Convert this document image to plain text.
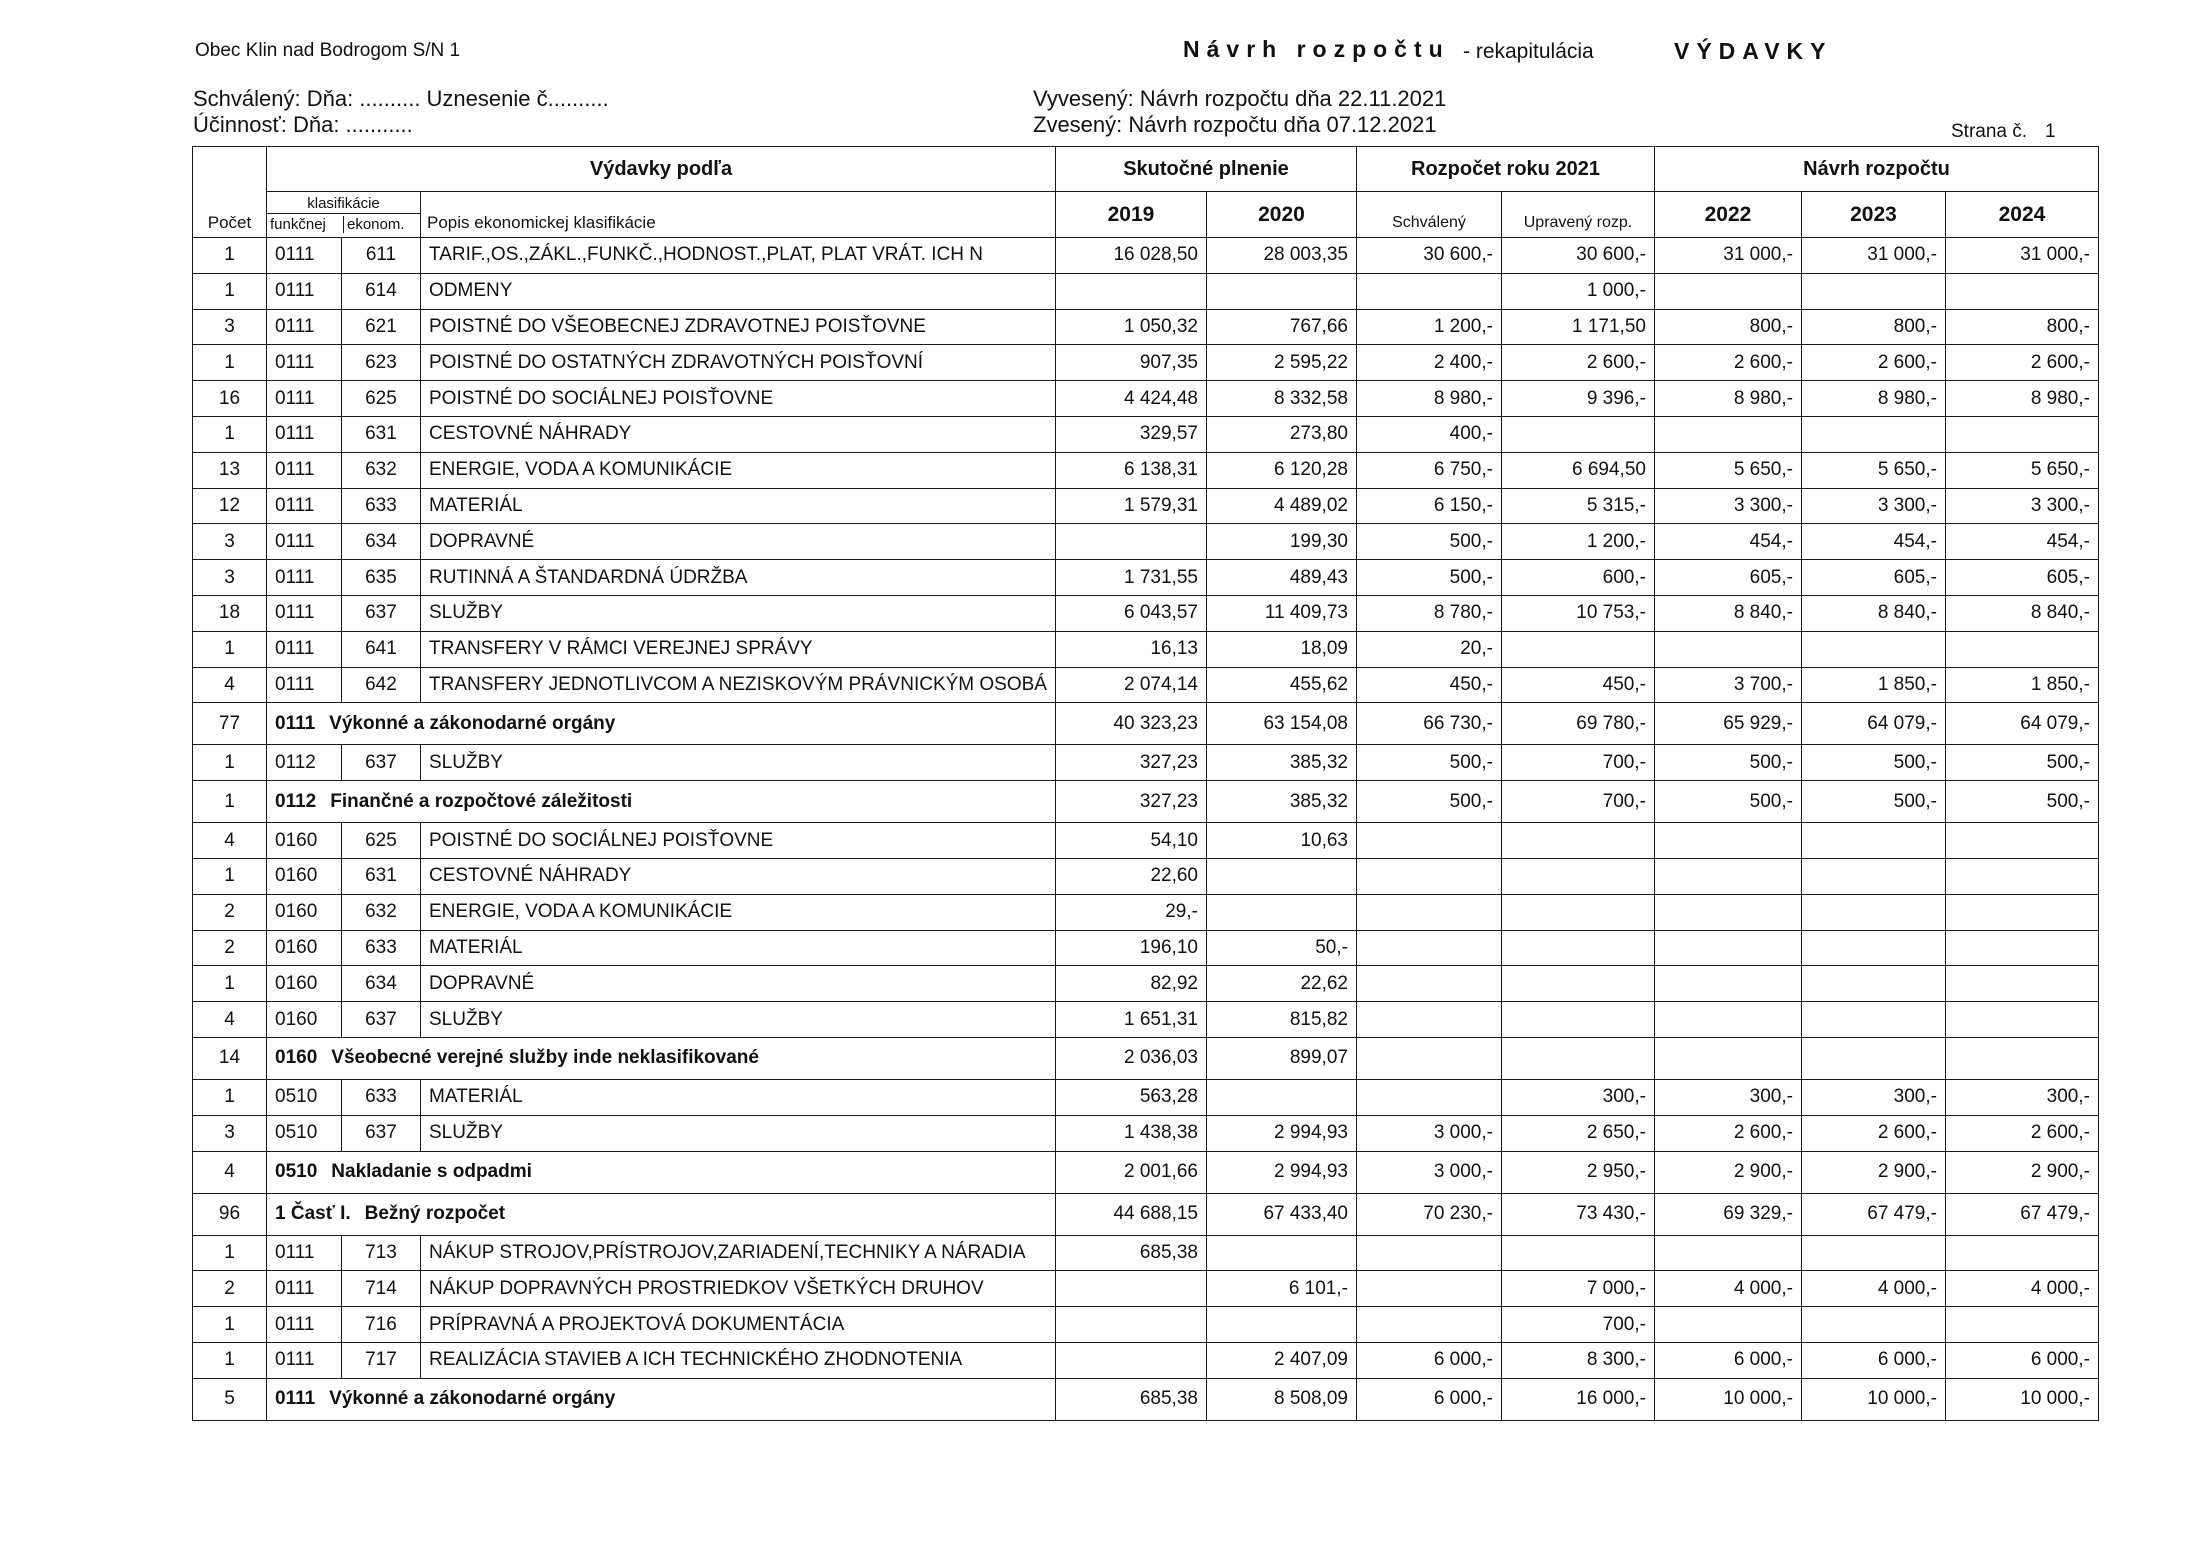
Obec Klin nad Bodrogom S/N 1	Návrh rozpočtu - rekapitulácia	VÝDAVKY
Schválený: Dňa: .......... Uznesenie č..........
Účinnosť: Dňa: ...........
Vyvesený: Návrh rozpočtu dňa 22.11.2021
Zvesený: Návrh rozpočtu dňa 07.12.2021	Strana č. 1
Počet	Výdavky podľa			Skutočné plnenie		Rozpočet roku 2021		Návrh rozpočtu		

	klasifikácie
funkčnej ekonom.		Popis ekonomickej klasifikácie	2019	2020	Schválený	Upravený rozp.	2022	2023	2024
1	0111	611	TARIF.,OS.,ZÁKL.,FUNKČ.,HODNOST.,PLAT, PLAT VRÁT. ICH N	16 028,50	28 003,35	30 600,-	30 600,-	31 000,-	31 000,-	31 000,-
1	0111	614	ODMENY				1 000,-			
3	0111	621	POISTNÉ DO VŠEOBECNEJ ZDRAVOTNEJ POISŤOVNE	1 050,32	767,66	1 200,-	1 171,50	800,-	800,-	800,-
1	0111	623	POISTNÉ DO OSTATNÝCH ZDRAVOTNÝCH POISŤOVNÍ	907,35	2 595,22	2 400,-	2 600,-	2 600,-	2 600,-	2 600,-
16	0111	625	POISTNÉ DO SOCIÁLNEJ POISŤOVNE	4 424,48	8 332,58	8 980,-	9 396,-	8 980,-	8 980,-	8 980,-
1	0111	631	CESTOVNÉ NÁHRADY	329,57	273,80	400,-				
13	0111	632	ENERGIE, VODA A KOMUNIKÁCIE	6 138,31	6 120,28	6 750,-	6 694,50	5 650,-	5 650,-	5 650,-
12	0111	633	MATERIÁL	1 579,31	4 489,02	6 150,-	5 315,-	3 300,-	3 300,-	3 300,-
3	0111	634	DOPRAVNÉ		199,30	500,-	1 200,-	454,-	454,-	454,-
3	0111	635	RUTINNÁ A ŠTANDARDNÁ ÚDRŽBA	1 731,55	489,43	500,-	600,-	605,-	605,-	605,-
18	0111	637	SLUŽBY	6 043,57	11 409,73	8 780,-	10 753,-	8 840,-	8 840,-	8 840,-
1	0111	641	TRANSFERY V RÁMCI VEREJNEJ SPRÁVY	16,13	18,09	20,-				
4	0111	642	TRANSFERY JEDNOTLIVCOM A NEZISKOVÝM PRÁVNICKÝM OSOBÁ	2 074,14	455,62	450,-	450,-	3 700,-	1 850,-	1 850,-
77	0111 Výkonné a zákonodarné orgány			40 323,23	63 154,08	66 730,-	69 780,-	65 929,-	64 079,-	64 079,-
1	0112	637	SLUŽBY	327,23	385,32	500,-	700,-	500,-	500,-	500,-
1	0112 Finančné a rozpočtové záležitosti			327,23	385,32	500,-	700,-	500,-	500,-	500,-
4	0160	625	POISTNÉ DO SOCIÁLNEJ POISŤOVNE	54,10	10,63					
1	0160	631	CESTOVNÉ NÁHRADY	22,60						
2	0160	632	ENERGIE, VODA A KOMUNIKÁCIE	29,-						
2	0160	633	MATERIÁL	196,10	50,-					
1	0160	634	DOPRAVNÉ	82,92	22,62					
4	0160	637	SLUŽBY	1 651,31	815,82					
14	0160 Všeobecné verejné služby inde neklasifikované			2 036,03	899,07					
1	0510	633	MATERIÁL	563,28			300,-	300,-	300,-	300,-
3	0510	637	SLUŽBY	1 438,38	2 994,93	3 000,-	2 650,-	2 600,-	2 600,-	2 600,-
4	0510 Nakladanie s odpadmi			2 001,66	2 994,93	3 000,-	2 950,-	2 900,-	2 900,-	2 900,-
96	1 Časť I. Bežný rozpočet			44 688,15	67 433,40	70 230,-	73 430,-	69 329,-	67 479,-	67 479,-
1	0111	713	NÁKUP STROJOV,PRÍSTROJOV,ZARIADENÍ,TECHNIKY A NÁRADIA	685,38						
2	0111	714	NÁKUP DOPRAVNÝCH PROSTRIEDKOV VŠETKÝCH DRUHOV		6 101,-		7 000,-	4 000,-	4 000,-	4 000,-
1	0111	716	PRÍPRAVNÁ A PROJEKTOVÁ DOKUMENTÁCIA				700,-			
1	0111	717	REALIZÁCIA STAVIEB A ICH TECHNICKÉHO ZHODNOTENIA		2 407,09	6 000,-	8 300,-	6 000,-	6 000,-	6 000,-
5	0111 Výkonné a zákonodarné orgány			685,38	8 508,09	6 000,-	16 000,-	10 000,-	10 000,-	10 000,-
